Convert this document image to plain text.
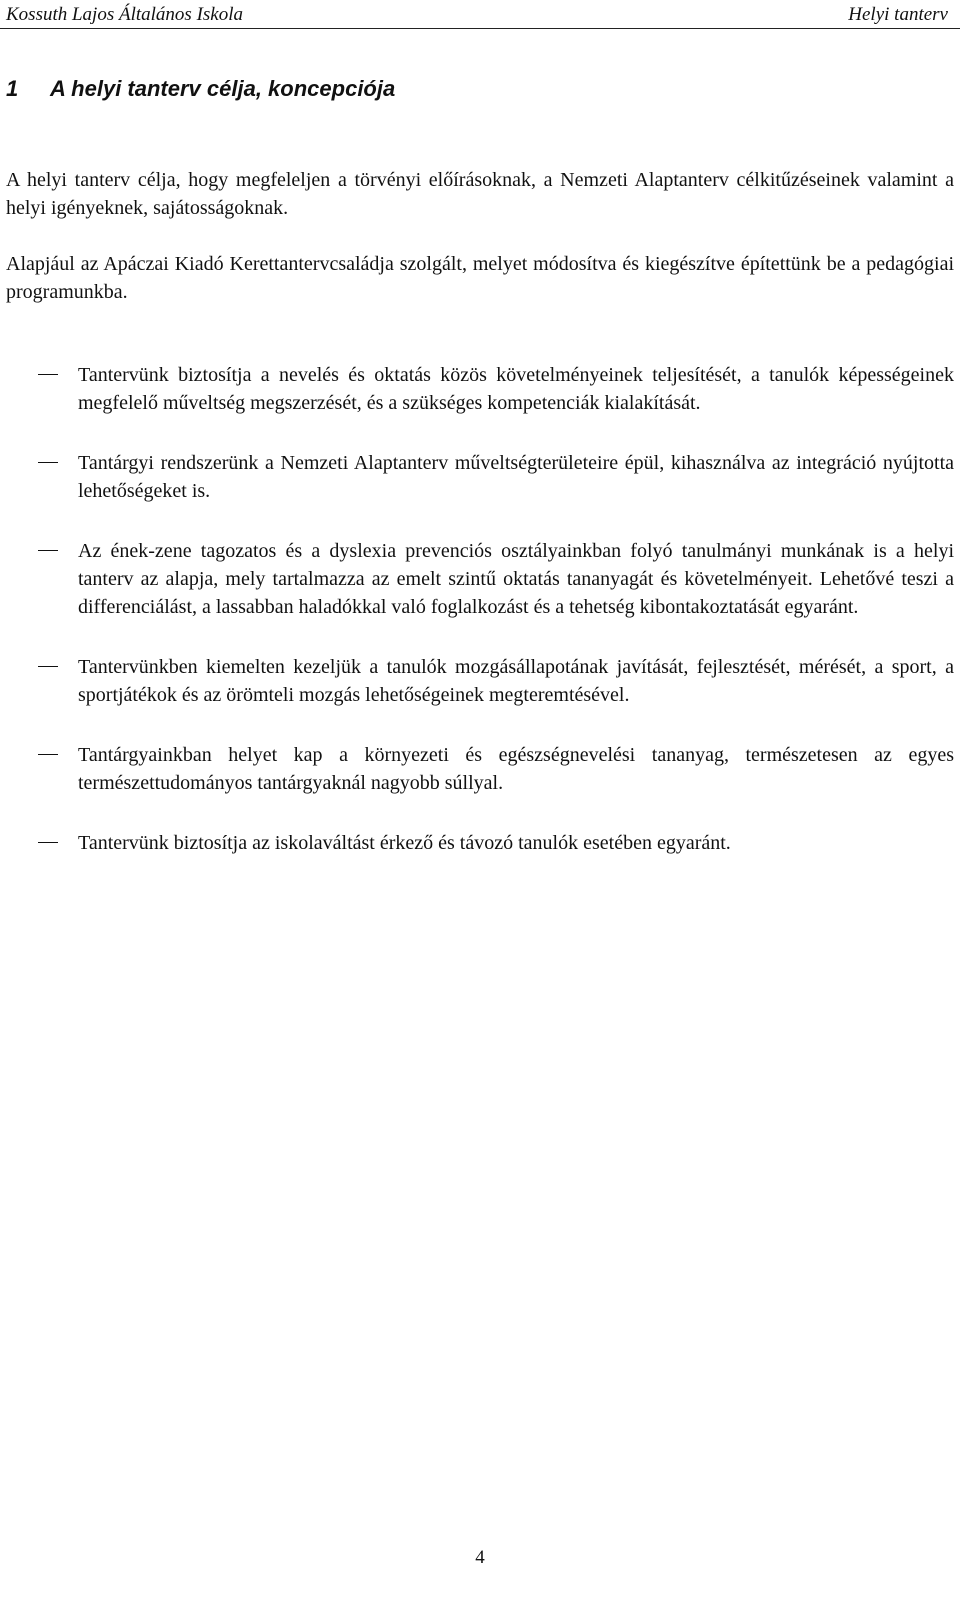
Kossuth Lajos Általános Iskola	Helyi tanterv
1 A helyi tanterv célja, koncepciója

A helyi tanterv célja, hogy megfeleljen a törvényi előírásoknak, a Nemzeti Alaptanterv célkitűzéseinek valamint a helyi igényeknek, sajátosságoknak.

Alapjául az Apáczai Kiadó Kerettantervcsaládja szolgált, melyet módosítva és kiegészítve építettünk be a pedagógiai programunkba.

Tantervünk biztosítja a nevelés és oktatás közös követelményeinek teljesítését, a tanulók képességeinek megfelelő műveltség megszerzését, és a szükséges kompetenciák kialakítását.
Tantárgyi rendszerünk a Nemzeti Alaptanterv műveltségterületeire épül, kihasználva az integráció nyújtotta lehetőségeket is.
Az ének-zene tagozatos és a dyslexia prevenciós osztályainkban folyó tanulmányi munkának is a helyi tanterv az alapja, mely tartalmazza az emelt szintű oktatás tananyagát és követelményeit. Lehetővé teszi a differenciálást, a lassabban haladókkal való foglalkozást és a tehetség kibontakoztatását egyaránt.
Tantervünkben kiemelten kezeljük a tanulók mozgásállapotának javítását, fejlesztését, mérését, a sport, a sportjátékok és az örömteli mozgás lehetőségeinek megteremtésével.
Tantárgyainkban helyet kap a környezeti és egészségnevelési tananyag, természetesen az egyes természettudományos tantárgyaknál nagyobb súllyal.
Tantervünk biztosítja az iskolaváltást érkező és távozó tanulók esetében egyaránt.
4
